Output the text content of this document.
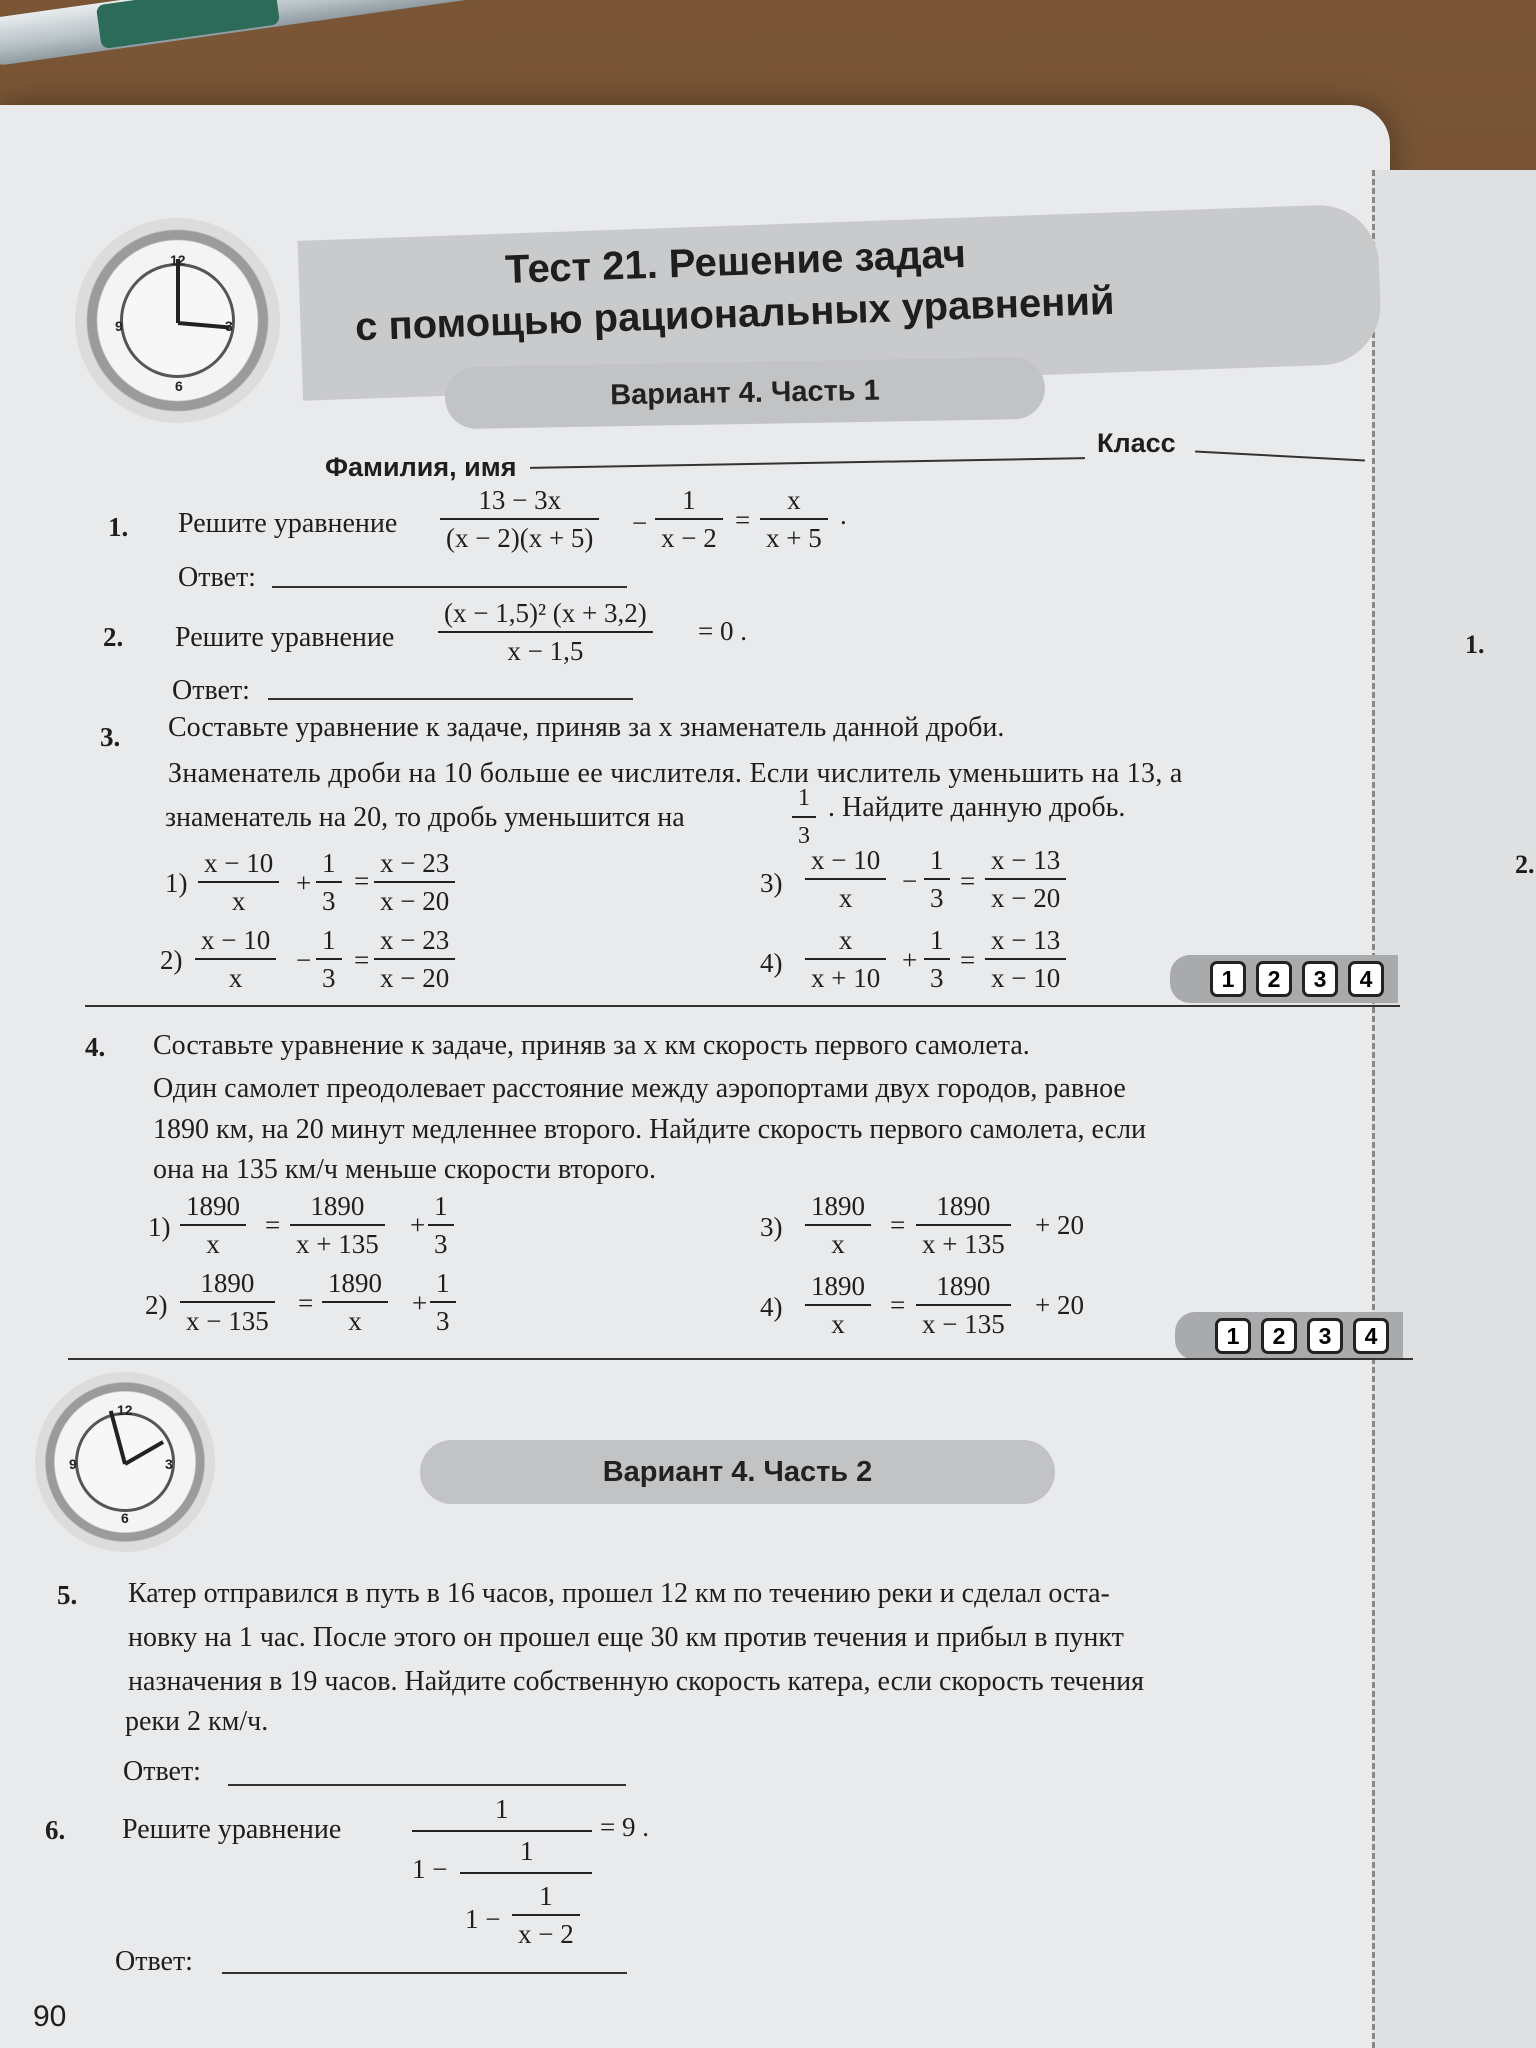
1.
2.
Тест 21. Решение задач
с помощью рациональных уравнений
12
3
6
9
Вариант 4. Часть 1
Фамилия, имя
Класс
1. Решите уравнение $\frac{13 - 3x}{(x - 2)(x + 5)} - \frac{1}{x - 2} = \frac{x}{x + 5}$ .
Ответ:
2. Решите уравнение $\frac{\text{(x − 1,5)² (x + 3,2)}}{x - 1,5} = 0$ .
Ответ:
3. Составьте уравнение к задаче, приняв за x знаменатель данной дроби.
Знаменатель дроби на 10 больше ее числителя. Если числитель уменьшить на 13, а
знаменатель на 20, то дробь уменьшится на	$\frac{1}{3}$ . Найдите данную дробь.
$1) \frac{x - 10}{x} + \frac{1}{3} = \frac{x - 23}{x - 20}$
$2) \frac{x - 10}{x} - \frac{1}{3} = \frac{x - 23}{x - 20}$
$3) \frac{x - 10}{x} - \frac{1}{3} = \frac{x - 13}{x - 20}$
$4) \frac{x}{x + 10} + \frac{1}{3} = \frac{x - 13}{x - 10}$	1	2	3	4
4. Составьте уравнение к задаче, приняв за x км скорость первого самолета.
Один самолет преодолевает расстояние между аэропортами двух городов, равное
1890 км, на 20 минут медленнее второго. Найдите скорость первого самолета, если
она на 135 км/ч меньше скорости второго.
$1) \frac{1890}{x} = \frac{1890}{x + 135} + \frac{1}{3}$
$2) \frac{1890}{x - 135} = \frac{1890}{x} + \frac{1}{3}$
$3) \frac{1890}{x} = \frac{1890}{x + 135} + 20$
$4) \frac{1890}{x} = \frac{1890}{x - 135} + 20$
1	2	3	4
12
3
6
9	Вариант 4. Часть 2
5. Катер отправился в путь в 16 часов, прошел 12 км по течению реки и сделал оста-
новку на 1 час. После этого он прошел еще 30 км против течения и прибыл в пункт
назначения в 19 часов. Найдите собственную скорость катера, если скорость течения
реки 2 км/ч.
Ответ:
6. Решите уравнение
1
1 −
1
$1 - \frac{1}{x - 2}$
= 9 .
Ответ:
90
